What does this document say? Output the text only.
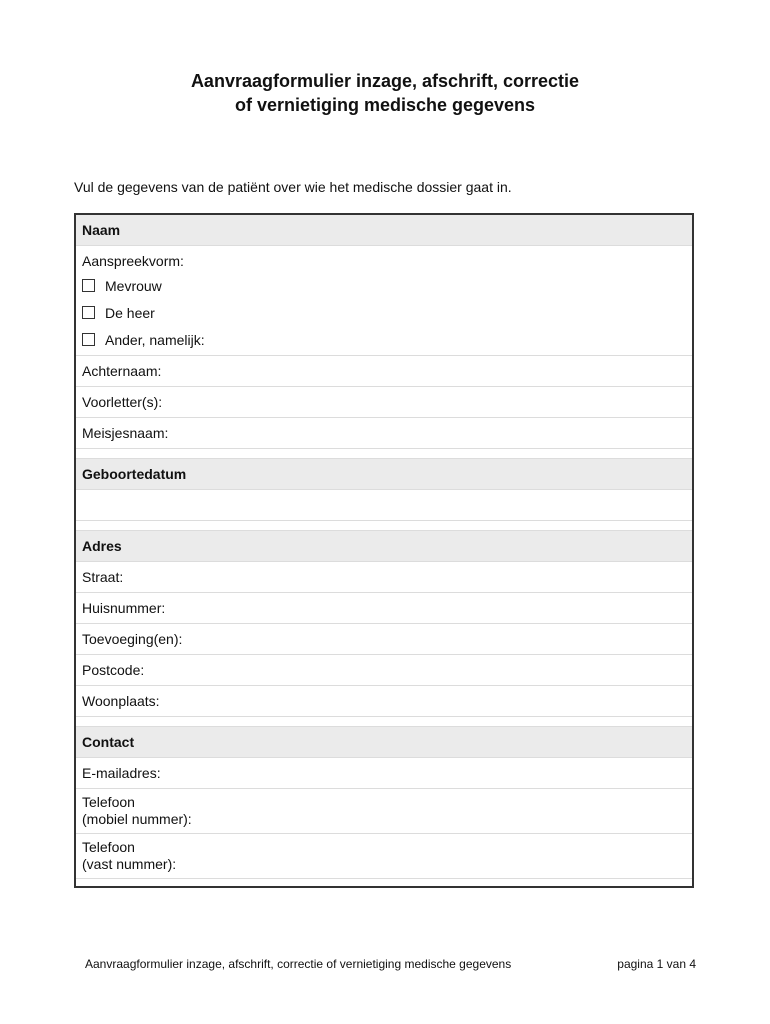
Aanvraagformulier inzage, afschrift, correctie
of vernietiging medische gegevens

Vul de gegevens van de patiënt over wie het medische dossier gaat in.

Naam
Aanspreekvorm:
Mevrouw
De heer
Ander, namelijk:
Achternaam:
Voorletter(s):
Meisjesnaam:
Geboortedatum
Adres
Straat:
Huisnummer:
Toevoeging(en):
Postcode:
Woonplaats:
Contact
E-mailadres:
Telefoon
(mobiel nummer):
Telefoon
(vast nummer):

Aanvraagformulier inzage, afschrift, correctie of vernietiging medische gegevens	pagina 1 van 4
